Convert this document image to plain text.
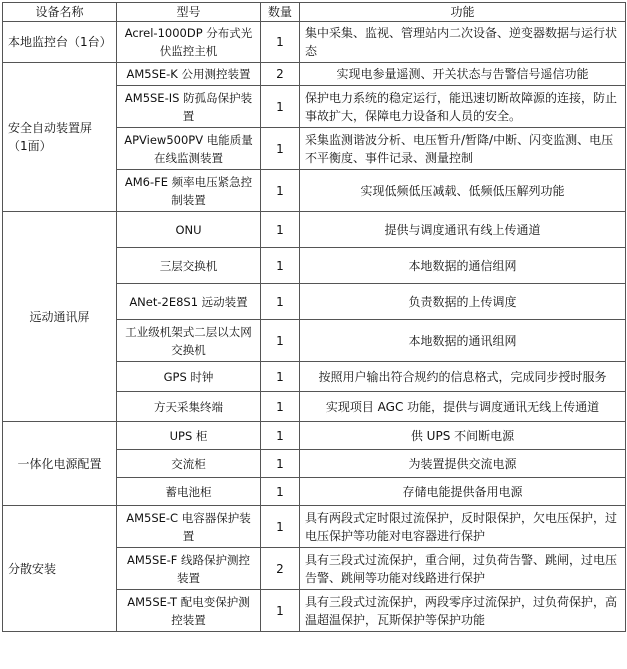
设备名称	型号	数量	功能
本地监控台（1台）	Acrel-1000DP 分布式光伏监控主机	1	集中采集、监视、管理站内二次设备、逆变器数据与运行状态
安全自动装置屏（1面）	AM5SE-K 公用测控装置	2	实现电参量遥测、开关状态与告警信号遥信功能
	AM5SE-IS 防孤岛保护装置	1	保护电力系统的稳定运行，能迅速切断故障源的连接，防止事故扩大，保障电力设备和人员的安全。
	APView500PV 电能质量在线监测装置	1	采集监测谐波分析、电压暂升/暂降/中断、闪变监测、电压不平衡度、事件记录、测量控制
	AM6-FE 频率电压紧急控制装置	1	实现低频低压减载、低频低压解列功能
远动通讯屏	ONU	1	提供与调度通讯有线上传通道
	三层交换机	1	本地数据的通信组网
	ANet-2E8S1 远动装置	1	负责数据的上传调度
	工业级机架式二层以太网交换机	1	本地数据的通讯组网
	GPS 时钟	1	按照用户输出符合规约的信息格式，完成同步授时服务
	方天采集终端	1	实现项目 AGC 功能，提供与调度通讯无线上传通道
一体化电源配置	UPS 柜	1	供 UPS 不间断电源
	交流柜	1	为装置提供交流电源
	蓄电池柜	1	存储电能提供备用电源
分散安装	AM5SE-C 电容器保护装置	1	具有两段式定时限过流保护，反时限保护，欠电压保护，过电压保护等功能对电容器进行保护
	AM5SE-F 线路保护测控装置	2	具有三段式过流保护，重合闸，过负荷告警、跳闸，过电压告警、跳闸等功能对线路进行保护
	AM5SE-T 配电变保护测控装置	1	具有三段式过流保护，两段零序过流保护，过负荷保护，高温超温保护，瓦斯保护等保护功能
